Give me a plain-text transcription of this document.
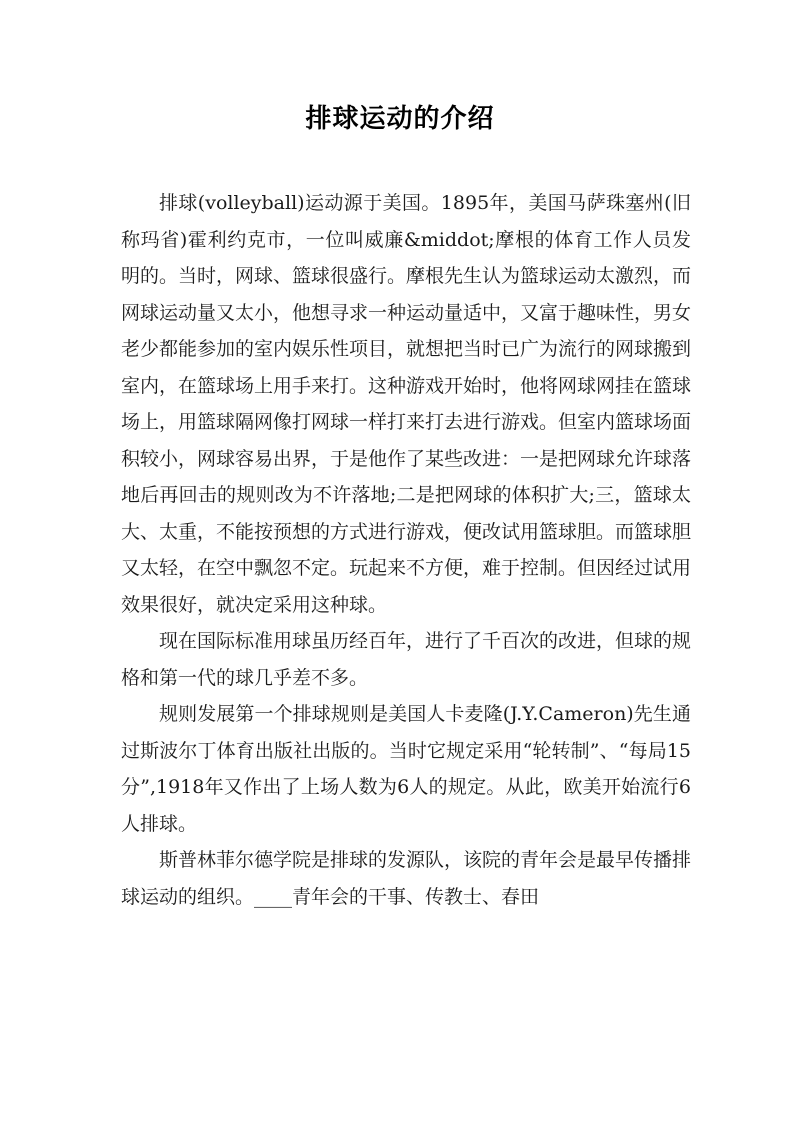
排球运动的介绍

排球(volleyball)运动源于美国。1895年，美国马萨珠塞州(旧称玛省)霍利约克市，一位叫威廉&middot;摩根的体育工作人员发明的。当时，网球、篮球很盛行。摩根先生认为篮球运动太激烈，而网球运动量又太小，他想寻求一种运动量适中，又富于趣味性，男女老少都能参加的室内娱乐性项目，就想把当时已广为流行的网球搬到室内，在篮球场上用手来打。这种游戏开始时，他将网球网挂在篮球场上，用篮球隔网像打网球一样打来打去进行游戏。但室内篮球场面积较小，网球容易出界，于是他作了某些改进：一是把网球允许球落地后再回击的规则改为不许落地;二是把网球的体积扩大;三，篮球太大、太重，不能按预想的方式进行游戏，便改试用篮球胆。而篮球胆又太轻，在空中飘忽不定。玩起来不方便，难于控制。但因经过试用效果很好，就决定采用这种球。

现在国际标准用球虽历经百年，进行了千百次的改进，但球的规格和第一代的球几乎差不多。

规则发展第一个排球规则是美国人卡麦隆(J.Y.Cameron)先生通过斯波尔丁体育出版社出版的。当时它规定采用“轮转制”、“每局15分”,1918年又作出了上场人数为6人的规定。从此，欧美开始流行6人排球。

斯普林菲尔德学院是排球的发源队，该院的青年会是最早传播排球运动的组织。____青年会的干事、传教士、春田
